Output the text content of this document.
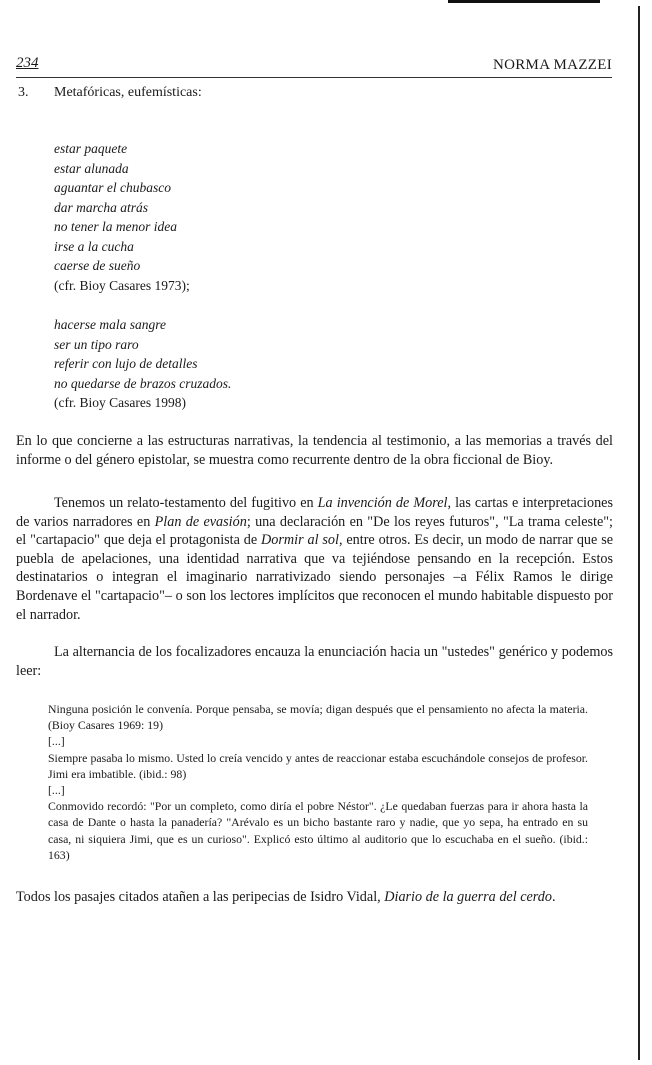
234	NORMA MAZZEI
3. Metafóricas, eufemísticas:
estar paquete
estar alunada
aguantar el chubasco
dar marcha atrás
no tener la menor idea
irse a la cucha
caerse de sueño
(cfr. Bioy Casares 1973);
hacerse mala sangre
ser un tipo raro
referir con lujo de detalles
no quedarse de brazos cruzados.
(cfr. Bioy Casares 1998)
En lo que concierne a las estructuras narrativas, la tendencia al testimonio, a las memorias a través del informe o del género epistolar, se muestra como recurrente dentro de la obra ficcional de Bioy.
Tenemos un relato-testamento del fugitivo en La invención de Morel, las cartas e interpretaciones de varios narradores en Plan de evasión; una declaración en "De los reyes futuros", "La trama celeste"; el "cartapacio" que deja el protagonista de Dormir al sol, entre otros. Es decir, un modo de narrar que se puebla de apelaciones, una identidad narrativa que va tejiéndose pensando en la recepción. Estos destinatarios o integran el imaginario narrativizado siendo personajes –a Félix Ramos le dirige Bordenave el "cartapacio"– o son los lectores implícitos que reconocen el mundo habitable dispuesto por el narrador.
La alternancia de los focalizadores encauza la enunciación hacia un "ustedes" genérico y podemos leer:

Ninguna posición le convenía. Porque pensaba, se movía; digan después que el pensamiento no afecta la materia. (Bioy Casares 1969: 19)

[...]

Siempre pasaba lo mismo. Usted lo creía vencido y antes de reaccionar estaba escuchándole consejos de profesor. Jimi era imbatible. (ibid.: 98)

[...]

Conmovido recordó: "Por un completo, como diría el pobre Néstor". ¿Le quedaban fuerzas para ir ahora hasta la casa de Dante o hasta la panadería? "Arévalo es un bicho bastante raro y nadie, que yo sepa, ha entrado en su casa, ni siquiera Jimi, que es un curioso". Explicó esto último al auditorio que lo escuchaba en el sueño. (ibid.: 163)

Todos los pasajes citados atañen a las peripecias de Isidro Vidal, Diario de la guerra del cerdo.
